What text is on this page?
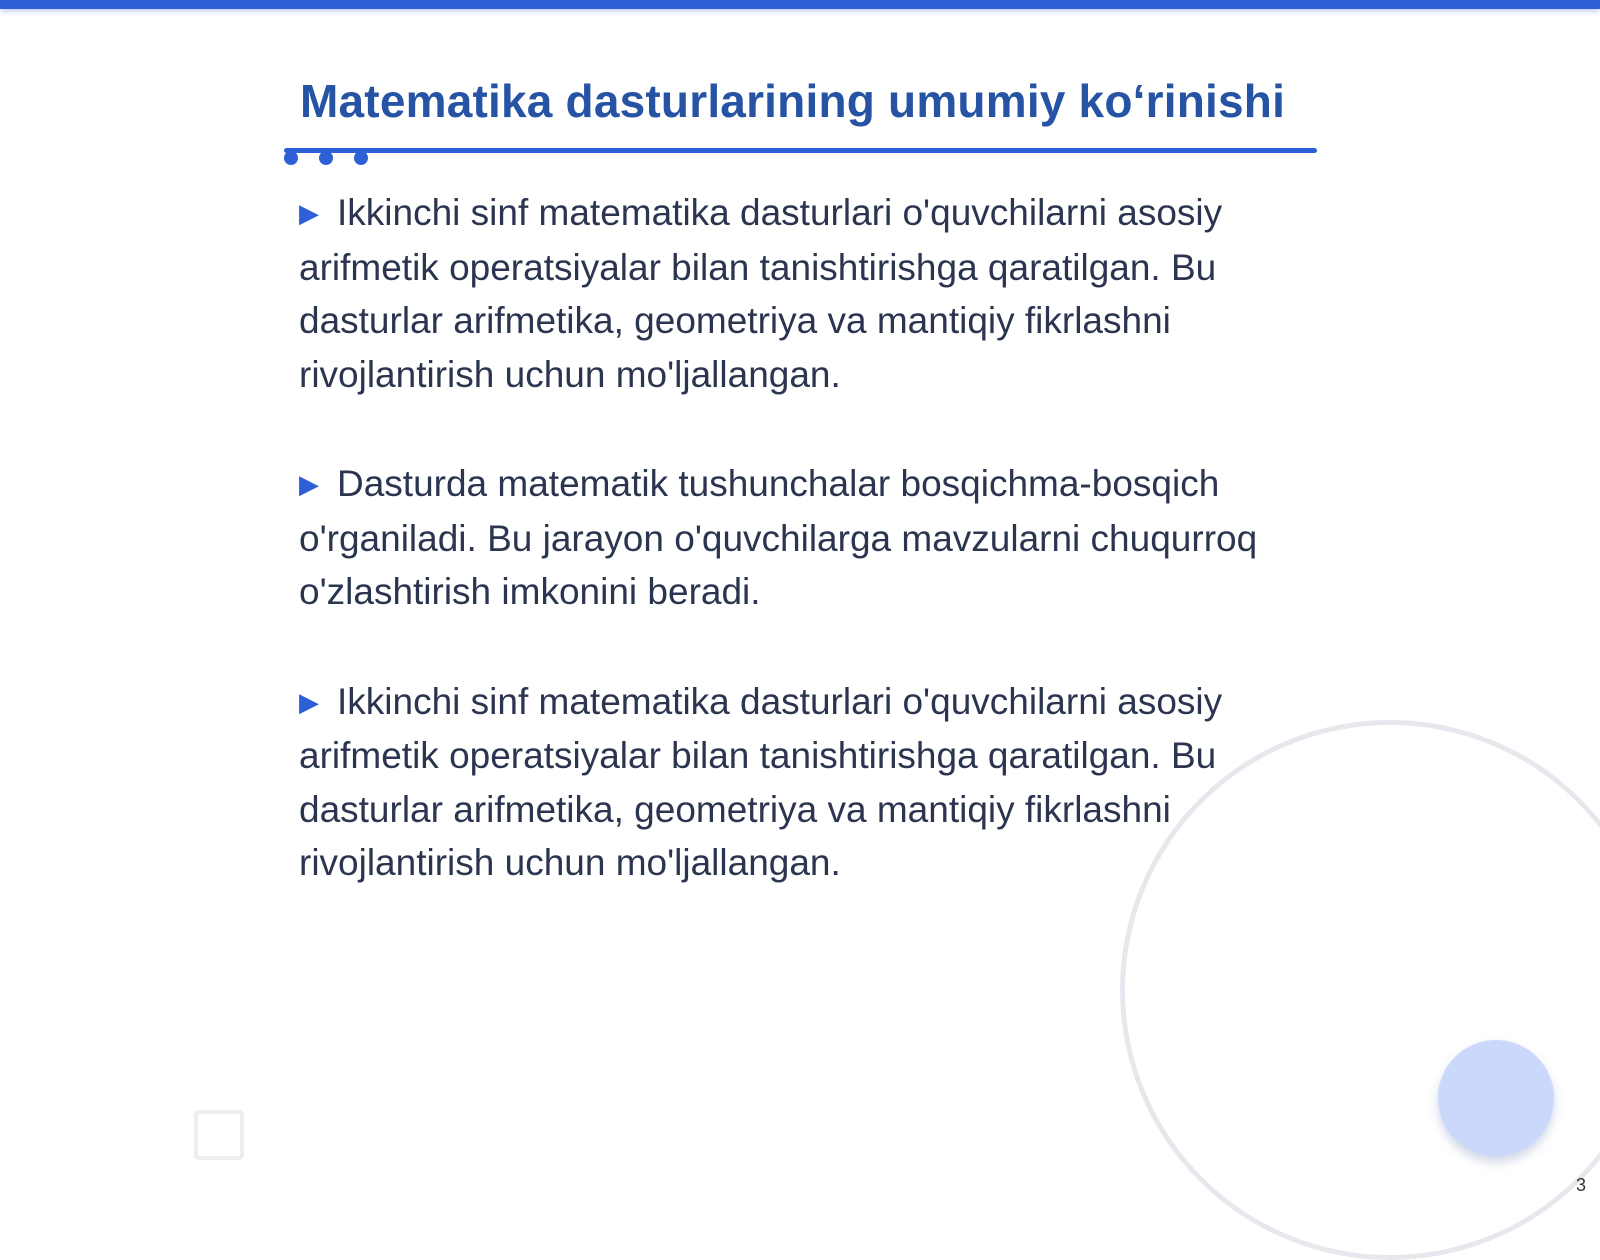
Matematika dasturlarining umumiy koʻrinishi

▶ Ikkinchi sinf matematika dasturlari o'quvchilarni asosiy arifmetik operatsiyalar bilan tanishtirishga qaratilgan. Bu dasturlar arifmetika, geometriya va mantiqiy fikrlashni rivojlantirish uchun mo'ljallangan.

▶ Dasturda matematik tushunchalar bosqichma-bosqich o'rganiladi. Bu jarayon o'quvchilarga mavzularni chuqurroq o'zlashtirish imkonini beradi.

▶ Ikkinchi sinf matematika dasturlari o'quvchilarni asosiy arifmetik operatsiyalar bilan tanishtirishga qaratilgan. Bu dasturlar arifmetika, geometriya va mantiqiy fikrlashni rivojlantirish uchun mo'ljallangan.

3
